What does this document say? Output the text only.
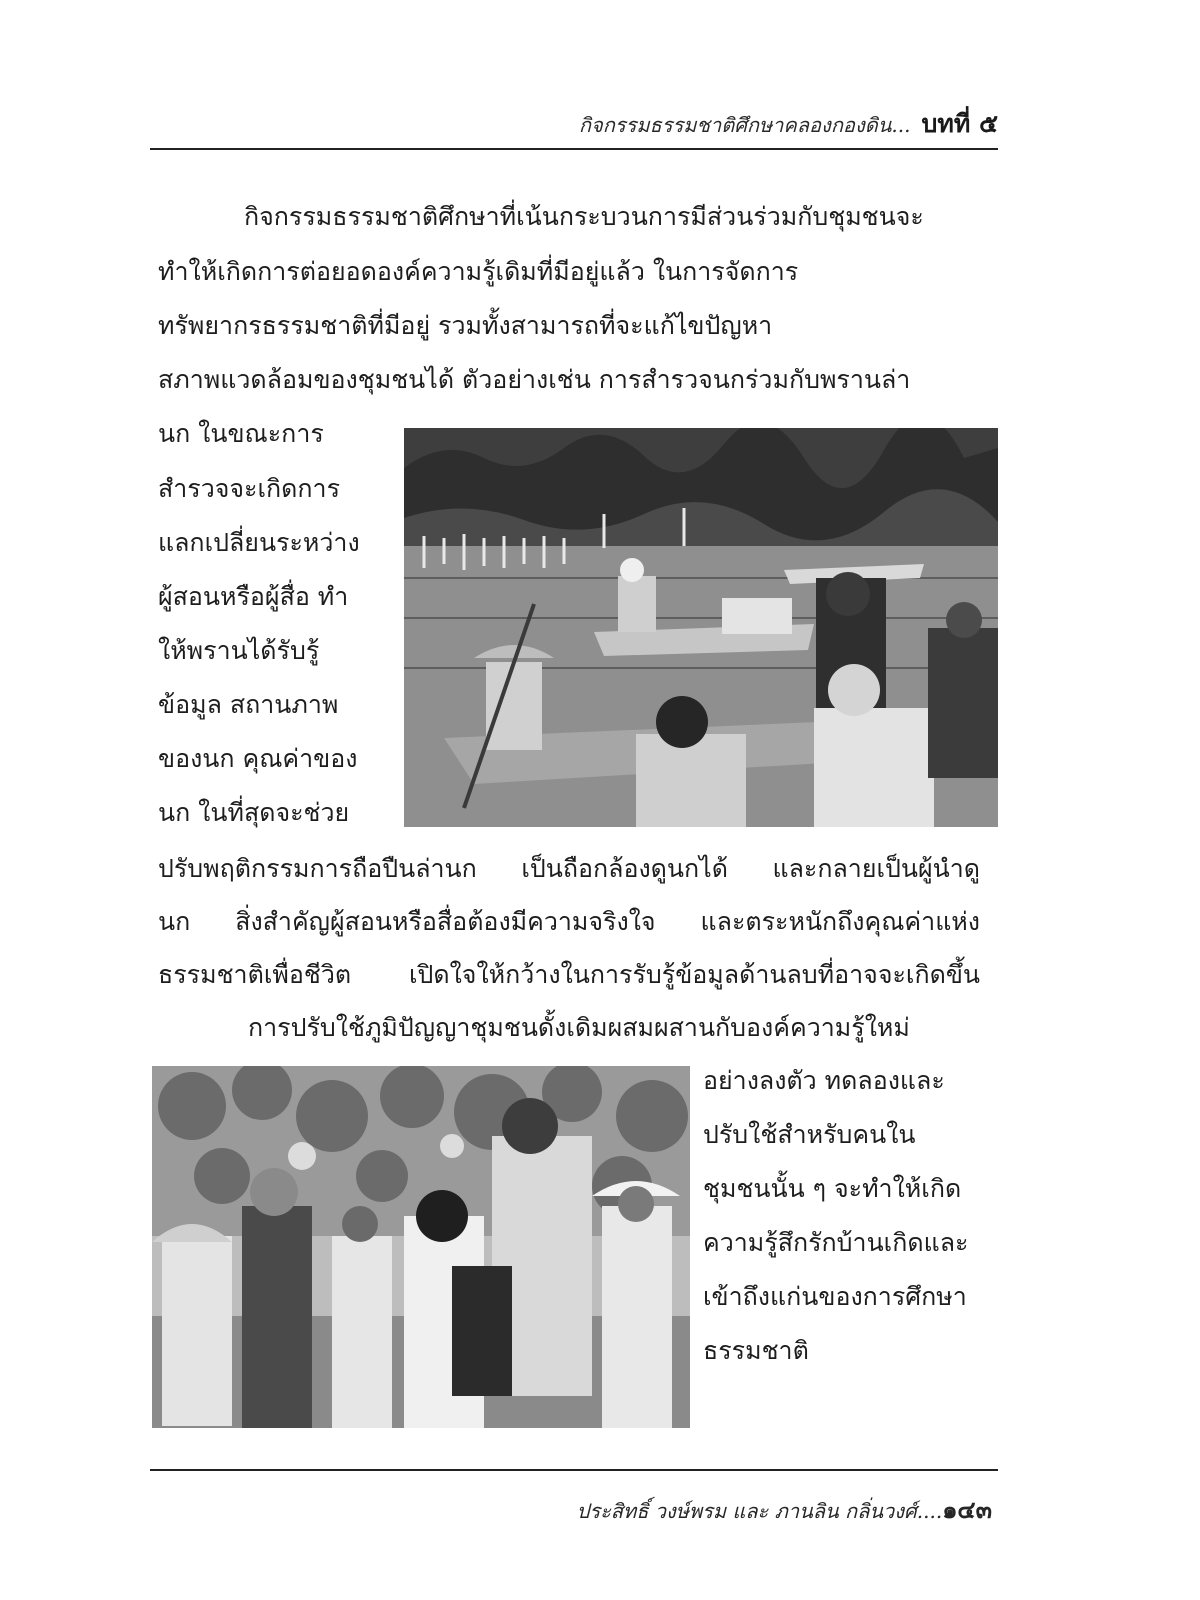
กิจกรรมธรรมชาติศึกษาคลองกองดิน... บทที่ ๕
กิจกรรมธรรมชาติศึกษาที่เน้นกระบวนการมีส่วนร่วมกับชุมชนจะ
ทำให้เกิดการต่อยอดองค์ความรู้เดิมที่มีอยู่แล้ว ในการจัดการ
ทรัพยากรธรรมชาติที่มีอยู่ รวมทั้งสามารถที่จะแก้ไขปัญหา
สภาพแวดล้อมของชุมชนได้ ตัวอย่างเช่น การสำรวจนกร่วมกับพรานล่า
นก ในขณะการ
สำรวจจะเกิดการ
แลกเปลี่ยนระหว่าง
ผู้สอนหรือผู้สื่อ ทำ
ให้พรานได้รับรู้
ข้อมูล สถานภาพ
ของนก คุณค่าของ
นก ในที่สุดจะช่วย
ปรับพฤติกรรมการถือปืนล่านก เป็นถือกล้องดูนกได้ และกลายเป็นผู้นำดู
นก สิ่งสำคัญผู้สอนหรือสื่อต้องมีความจริงใจ และตระหนักถึงคุณค่าแห่ง
ธรรมชาติเพื่อชีวิต เปิดใจให้กว้างในการรับรู้ข้อมูลด้านลบที่อาจจะเกิดขึ้น
การปรับใช้ภูมิปัญญาชุมชนดั้งเดิมผสมผสานกับองค์ความรู้ใหม่
อย่างลงตัว ทดลองและ
ปรับใช้สำหรับคนใน
ชุมชนนั้น ๆ จะทำให้เกิด
ความรู้สึกรักบ้านเกิดและ
เข้าถึงแก่นของการศึกษา
ธรรมชาติ
ประสิทธิ์ วงษ์พรม และ ภานลิน กลิ่นวงศ์....๑๔๓
